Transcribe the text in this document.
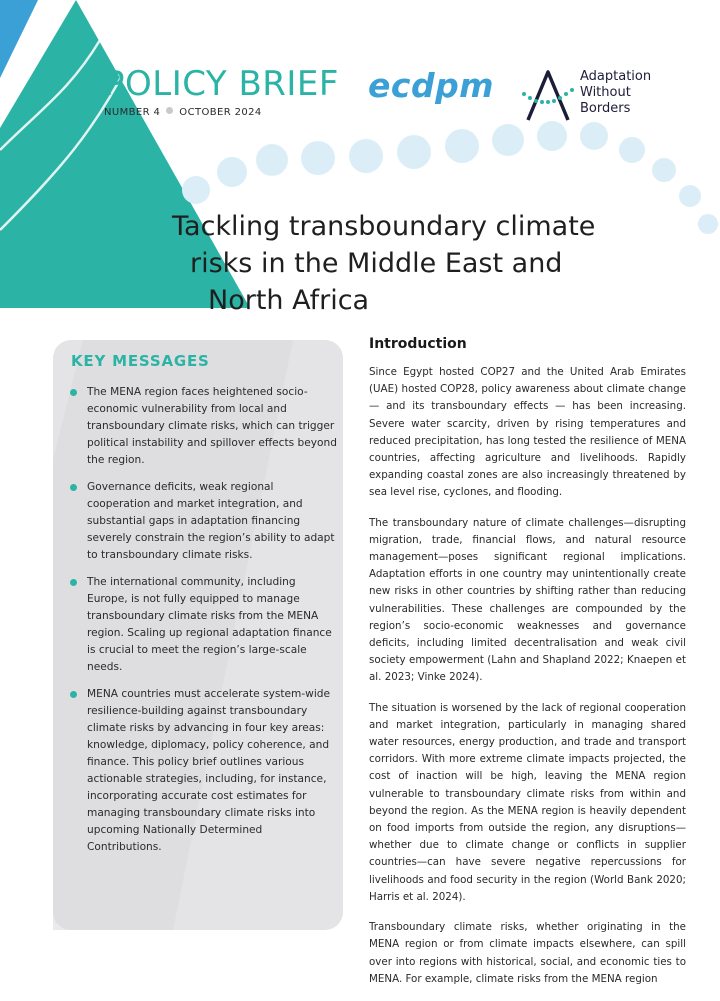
POLICY BRIEF
NUMBER 4 OCTOBER 2024
ecdpm	Adaptation
Without
Borders
Tackling transboundary climate
risks in the Middle East and
North Africa
KEY MESSAGES
The MENA region faces heightened socio-economic vulnerability from local and transboundary climate risks, which can trigger political instability and spillover effects beyond the region.
Governance deficits, weak regional cooperation and market integration, and substantial gaps in adaptation financing severely constrain the region’s ability to adapt to transboundary climate risks.
The international community, including Europe, is not fully equipped to manage transboundary climate risks from the MENA region. Scaling up regional adaptation finance is crucial to meet the region’s large-scale needs.
MENA countries must accelerate system-wide resilience-building against transboundary climate risks by advancing in four key areas: knowledge, diplomacy, policy coherence, and finance. This policy brief outlines various actionable strategies, including, for instance, incorporating accurate cost estimates for managing transboundary climate risks into upcoming Nationally Determined Contributions.
Introduction

Since Egypt hosted COP27 and the United Arab Emirates (UAE) hosted COP28, policy awareness about climate change — and its transboundary effects — has been increasing. Severe water scarcity, driven by rising temperatures and reduced precipitation, has long tested the resilience of MENA countries, affecting agriculture and livelihoods. Rapidly expanding coastal zones are also increasingly threatened by sea level rise, cyclones, and flooding.

The transboundary nature of climate challenges—disrupting migration, trade, financial flows, and natural resource management—poses significant regional implications. Adaptation efforts in one country may unintentionally create new risks in other countries by shifting rather than reducing vulnerabilities. These challenges are compounded by the region’s socio-economic weaknesses and governance deficits, including limited decentralisation and weak civil society empowerment (Lahn and Shapland 2022; Knaepen et al. 2023; Vinke 2024).

The situation is worsened by the lack of regional cooperation and market integration, particularly in managing shared water resources, energy production, and trade and transport corridors. With more extreme climate impacts projected, the cost of inaction will be high, leaving the MENA region vulnerable to transboundary climate risks from within and beyond the region. As the MENA region is heavily dependent on food imports from outside the region, any disruptions—whether due to climate change or conflicts in supplier countries—can have severe negative repercussions for livelihoods and food security in the region (World Bank 2020; Harris et al. 2024).

Transboundary climate risks, whether originating in the MENA region or from climate impacts elsewhere, can spill over into regions with historical, social, and economic ties to MENA. For example, climate risks from the MENA region
